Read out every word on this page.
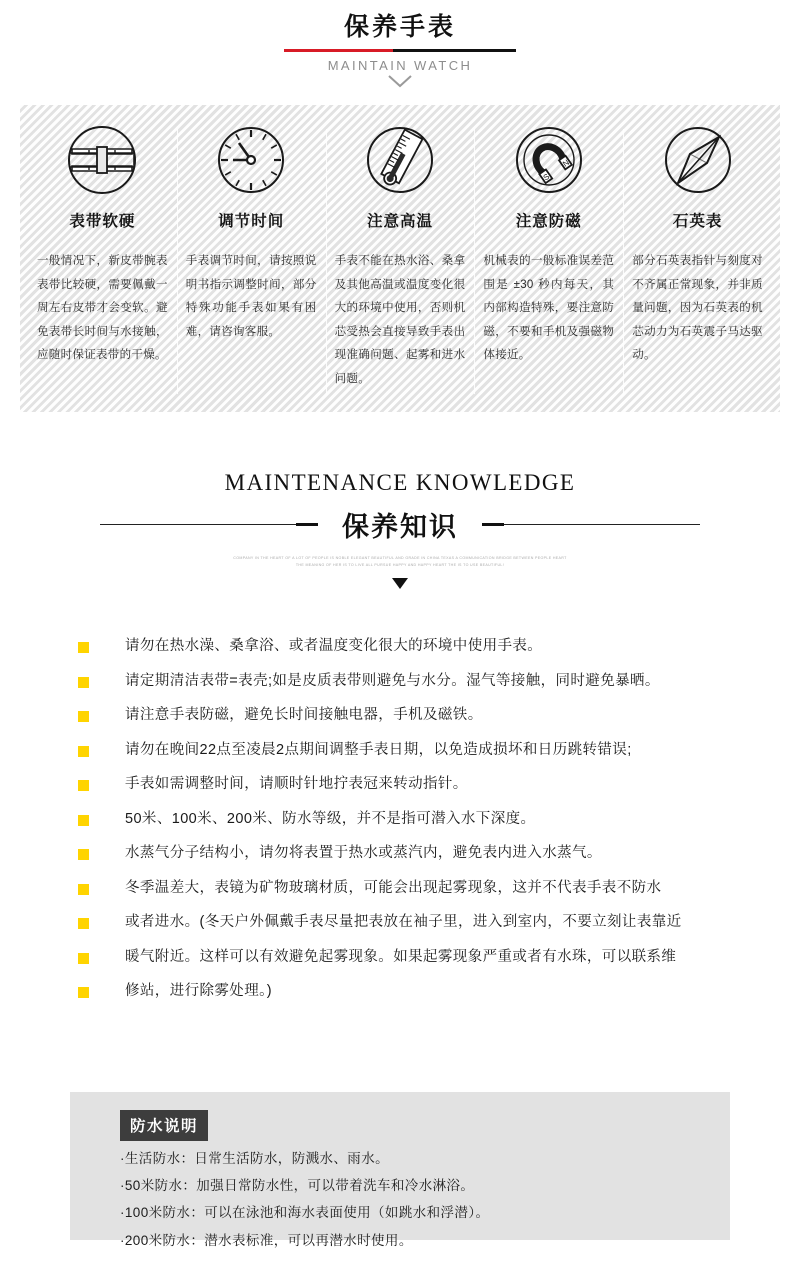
保养手表
MAINTAIN WATCH
表带软硬
一般情况下，新皮带腕表表带比较硬，需要佩戴一周左右皮带才会变软。避免表带长时间与水接触，应随时保证表带的干燥。
调节时间
手表调节时间，请按照说明书指示调整时间，部分特殊功能手表如果有困难，请咨询客服。
注意高温
手表不能在热水浴、桑拿及其他高温或温度变化很大的环境中使用，否则机芯受热会直接导致手表出现准确问题、起雾和进水问题。
S
N
注意防磁
机械表的一般标准误差范围是 ±30 秒内每天，其内部构造特殊，要注意防磁，不要和手机及强磁物体接近。
石英表
部分石英表指针与刻度对不齐属正常现象，并非质量问题，因为石英表的机芯动力为石英震子马达驱动。
MAINTENANCE KNOWLEDGE
保养知识
COMPANY IN THE HEART OF A LOT OF PEOPLE IS NOBLE ELEGANT BEAUTIFUL AND GRADE IN CHINA TEXAS A COMMUNICATION BRIDGE BETWEEN PEOPLE HEART
THE MEANING OF HER IS TO LIVE ALL PURSUE HAPPY AND HAPPY HEART THE IS TO USE BEAUTIFUL!
请勿在热水澡、桑拿浴、或者温度变化很大的环境中使用手表。
请定期清洁表带=表壳;如是皮质表带则避免与水分。湿气等接触，同时避免暴晒。
请注意手表防磁，避免长时间接触电器，手机及磁铁。
请勿在晚间22点至凌晨2点期间调整手表日期，以免造成损坏和日历跳转错误;
手表如需调整时间，请顺时针地拧表冠来转动指针。
50米、100米、200米、防水等级，并不是指可潜入水下深度。
水蒸气分子结构小，请勿将表置于热水或蒸汽内，避免表内进入水蒸气。
冬季温差大，表镜为矿物玻璃材质，可能会出现起雾现象，这并不代表手表不防水
或者进水。(冬天户外佩戴手表尽量把表放在袖子里，进入到室内，不要立刻让表靠近
暖气附近。这样可以有效避免起雾现象。如果起雾现象严重或者有水珠，可以联系维
修站，进行除雾处理。)
防水说明
·生活防水：日常生活防水，防溅水、雨水。
·50米防水：加强日常防水性，可以带着洗车和冷水淋浴。
·100米防水：可以在泳池和海水表面使用（如跳水和浮潜）。
·200米防水：潜水表标准，可以再潜水时使用。
